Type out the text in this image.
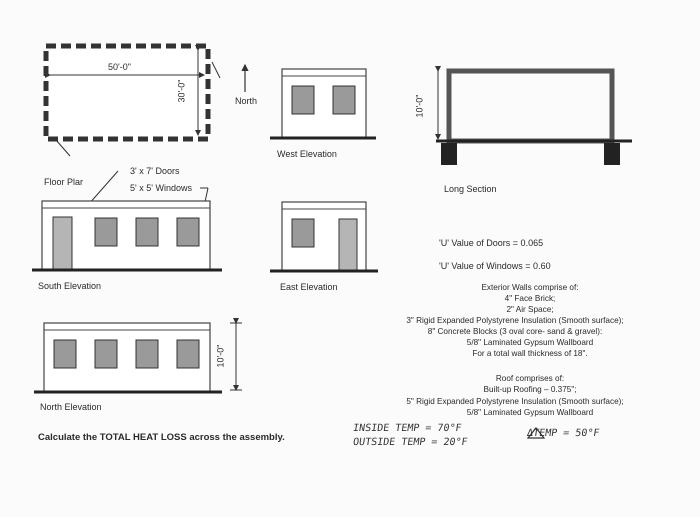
50'-0"
30'-0"	North
Floor Plar
3' x 7' Doors
5' x 5' Windows
West Elevation
Long Section
10'-0"
South Elevation	East Elevation
North Elevation
10'-0"
'U' Value of Doors = 0.065
'U' Value of Windows = 0.60
Exterior Walls comprise of:
4" Face Brick;
2" Air Space;
3" Rigid Expanded Polystyrene Insulation (Smooth surface);
8" Concrete Blocks (3 oval core- sand & gravel):
5/8" Laminated Gypsum Wallboard
For a total wall thickness of 18".
Roof comprises of:
Built-up Roofing – 0.375";
5" Rigid Expanded Polystyrene Insulation (Smooth surface);
5/8" Laminated Gypsum Wallboard
Calculate the TOTAL HEAT LOSS across the assembly.
INSIDE TEMP = 70°F
OUTSIDE TEMP = 20°F
ΔTEMP = 50°F
